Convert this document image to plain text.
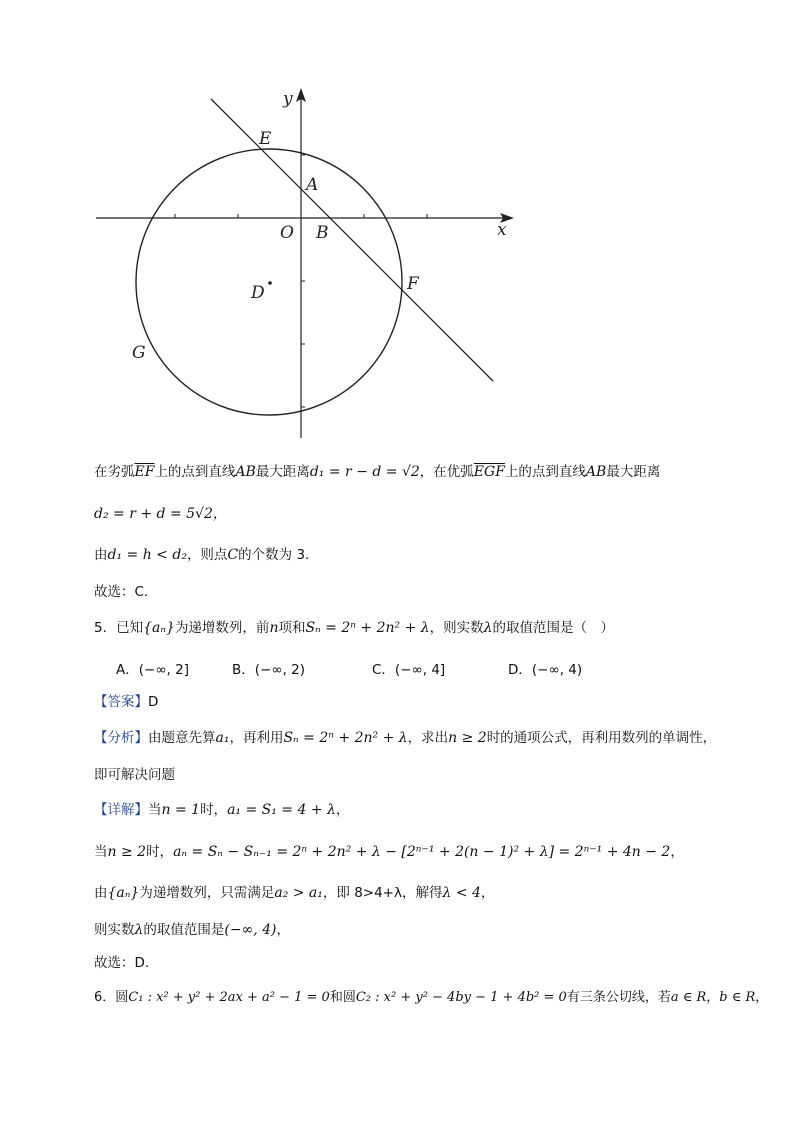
y
x
E
A
O B
D	F
G
在劣弧$\overline{EF}$上的点到直线AB最大距离d₁ = r − d = √2，在优弧$\overline{EGF}$上的点到直线AB最大距离
d₂ = r + d = 5√2，
由d₁ = h < d₂，则点C的个数为 3.
故选：C.
5．已知{aₙ}为递增数列，前n项和Sₙ = 2ⁿ + 2n² + λ，则实数λ的取值范围是（　）
A．(−∞, 2]	B．(−∞, 2)	C．(−∞, 4]	D．(−∞, 4)
【答案】D
【分析】由题意先算a₁，再利用Sₙ = 2ⁿ + 2n² + λ，求出n ≥ 2时的通项公式，再利用数列的单调性，
即可解决问题
【详解】当n = 1时，a₁ = S₁ = 4 + λ，
当n ≥ 2时，aₙ = Sₙ − Sₙ₋₁ = 2ⁿ + 2n² + λ − [2ⁿ⁻¹ + 2(n − 1)² + λ] = 2ⁿ⁻¹ + 4n − 2，
由{aₙ}为递增数列，只需满足a₂ > a₁，即 8>4+λ，解得λ < 4，
则实数λ的取值范围是(−∞, 4)，
故选：D.
6．圆C₁ : x² + y² + 2ax + a² − 1 = 0和圆C₂ : x² + y² − 4by − 1 + 4b² = 0有三条公切线，若a ∈ R，b ∈ R，
